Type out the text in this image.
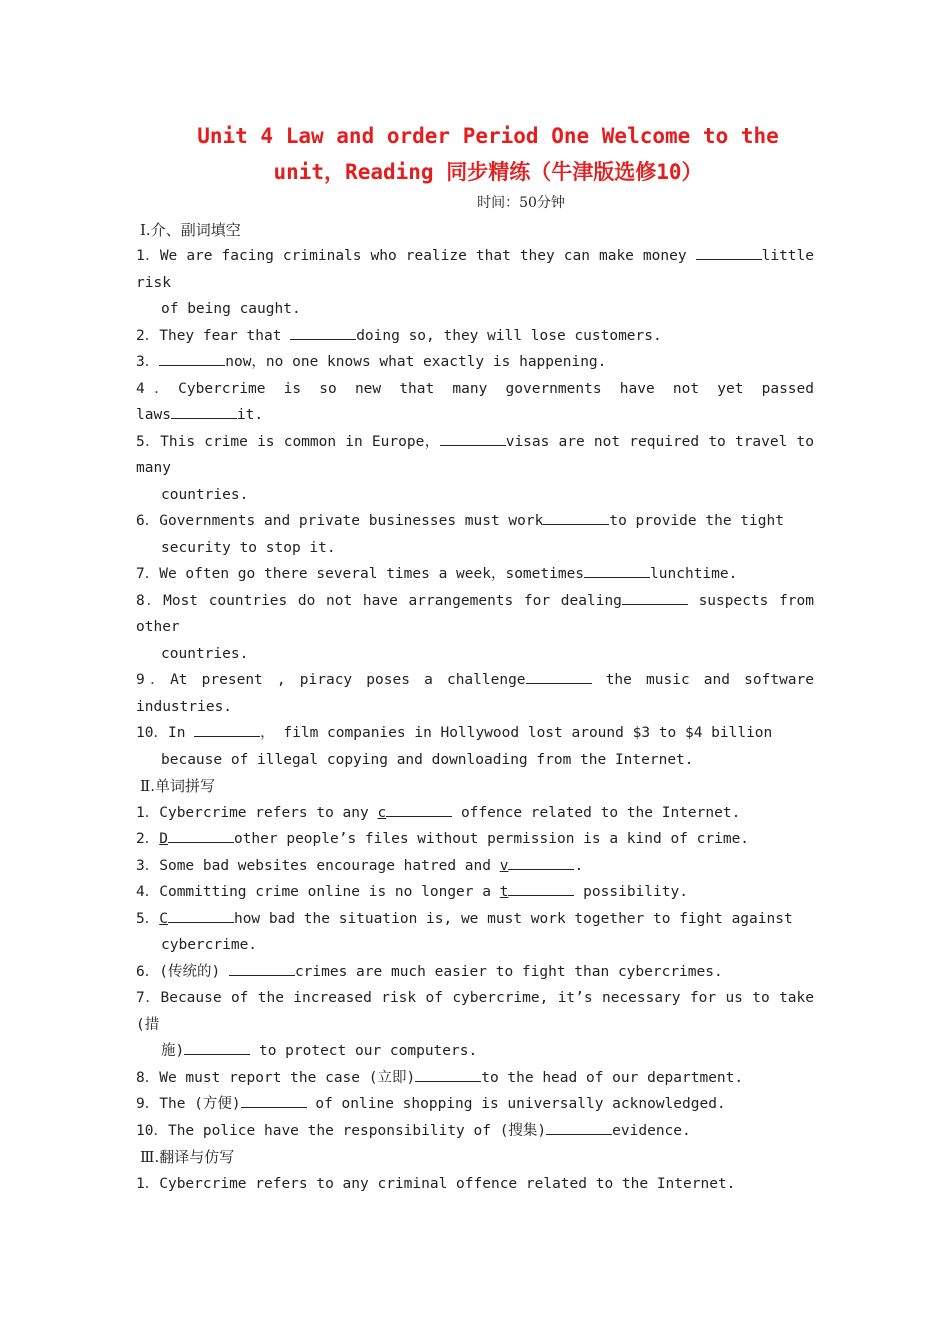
Unit 4 Law and order Period One Welcome to the
unit，Reading 同步精练（牛津版选修10）
时间：50分钟
Ⅰ.介、副词填空
1．We are facing criminals who realize that they can make money	little
risk
of being caught.
2．They fear that	doing so, they will lose customers.
3．	now，no one knows what exactly is happening.
4．Cybercrime is so new that many governments have not yet passed
laws	it.
5．This crime is common in Europe，	visas are not required to travel to
many
countries.
6．Governments and private businesses must work	to provide the tight
security to stop it.
7．We often go there several times a week，sometimes	lunchtime.
8．Most countries do not have arrangements for dealing	suspects from
other
countries.
9．At present , piracy poses a challenge	the music and software
industries.
10．In	， film companies in Hollywood lost around $3 to $4 billion
because of illegal copying and downloading from the Internet.
Ⅱ.单词拼写
1．Cybercrime refers to any c	offence related to the Internet.
2．D	other people’s files without permission is a kind of crime.
3．Some bad websites encourage hatred and v	.
4．Committing crime online is no longer a t	possibility.
5．C	how bad the situation is, we must work together to fight against
cybercrime.
6．(传统的)	crimes are much easier to fight than cybercrimes.
7．Because of the increased risk of cybercrime, it’s necessary for us to take
(措
施)	to protect our computers.
8．We must report the case (立即)	to the head of our department.
9．The (方便)	of online shopping is universally acknowledged.
10．The police have the responsibility of (搜集)	evidence.
Ⅲ.翻译与仿写
1．Cybercrime refers to any criminal offence related to the Internet.
